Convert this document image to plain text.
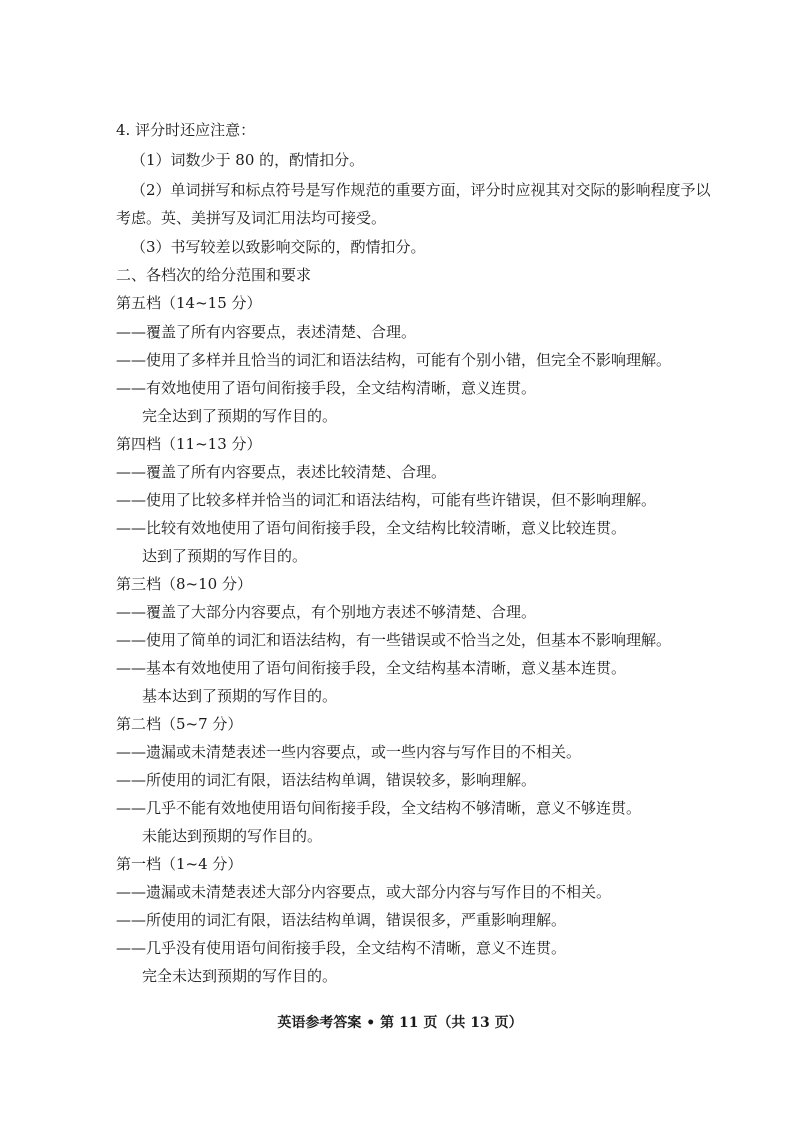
4. 评分时还应注意：
（1）词数少于 80 的，酌情扣分。
（2）单词拼写和标点符号是写作规范的重要方面，评分时应视其对交际的影响程度予以
考虑。英、美拼写及词汇用法均可接受。
（3）书写较差以致影响交际的，酌情扣分。
二、各档次的给分范围和要求
第五档（14~15 分）
——覆盖了所有内容要点，表述清楚、合理。
——使用了多样并且恰当的词汇和语法结构，可能有个别小错，但完全不影响理解。
——有效地使用了语句间衔接手段，全文结构清晰，意义连贯。
完全达到了预期的写作目的。
第四档（11~13 分）
——覆盖了所有内容要点，表述比较清楚、合理。
——使用了比较多样并恰当的词汇和语法结构，可能有些许错误，但不影响理解。
——比较有效地使用了语句间衔接手段，全文结构比较清晰，意义比较连贯。
达到了预期的写作目的。
第三档（8~10 分）
——覆盖了大部分内容要点，有个别地方表述不够清楚、合理。
——使用了简单的词汇和语法结构，有一些错误或不恰当之处，但基本不影响理解。
——基本有效地使用了语句间衔接手段，全文结构基本清晰，意义基本连贯。
基本达到了预期的写作目的。
第二档（5~7 分）
——遗漏或未清楚表述一些内容要点，或一些内容与写作目的不相关。
——所使用的词汇有限，语法结构单调，错误较多，影响理解。
——几乎不能有效地使用语句间衔接手段，全文结构不够清晰，意义不够连贯。
未能达到预期的写作目的。
第一档（1~4 分）
——遗漏或未清楚表述大部分内容要点，或大部分内容与写作目的不相关。
——所使用的词汇有限，语法结构单调，错误很多，严重影响理解。
——几乎没有使用语句间衔接手段，全文结构不清晰，意义不连贯。
完全未达到预期的写作目的。
英语参考答案 • 第 11 页（共 13 页）
